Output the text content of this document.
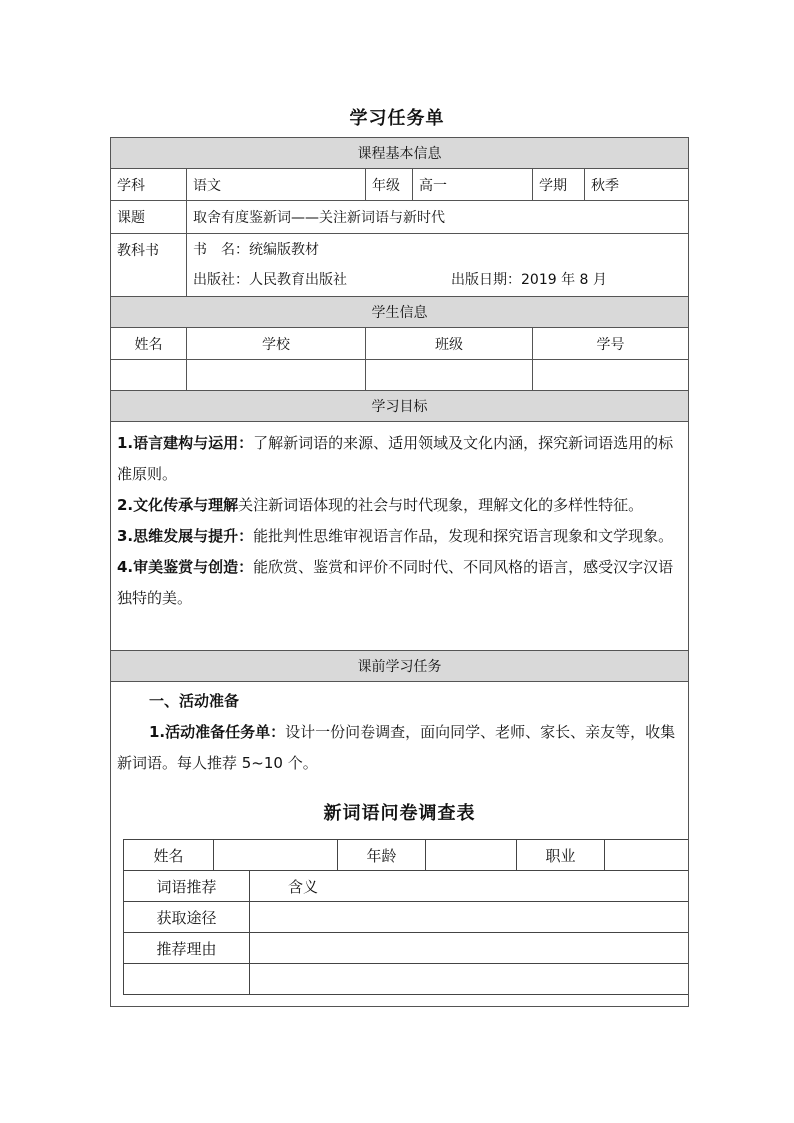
学习任务单
课程基本信息
学科	语文	年级	高一	学期	秋季
课题	取舍有度鉴新词——关注新词语与新时代
教科书	书　名：统编版教材
出版社：人民教育出版社	出版日期：2019 年 8 月

学生信息
姓名	学校	班级	学号

学习目标

1.语言建构与运用：了解新词语的来源、适用领域及文化内涵，探究新词语选用的标准原则。

2.文化传承与理解关注新词语体现的社会与时代现象，理解文化的多样性特征。

3.思维发展与提升：能批判性思维审视语言作品，发现和探究语言现象和文学现象。

4.审美鉴赏与创造：能欣赏、鉴赏和评价不同时代、不同风格的语言，感受汉字汉语独特的美。

课前学习任务

一、活动准备

1.活动准备任务单：设计一份问卷调查，面向同学、老师、家长、亲友等，收集新词语。每人推荐 5~10 个。

新词语问卷调查表
姓名		年龄		职业	
词语推荐	含义
获取途径	
推荐理由	
